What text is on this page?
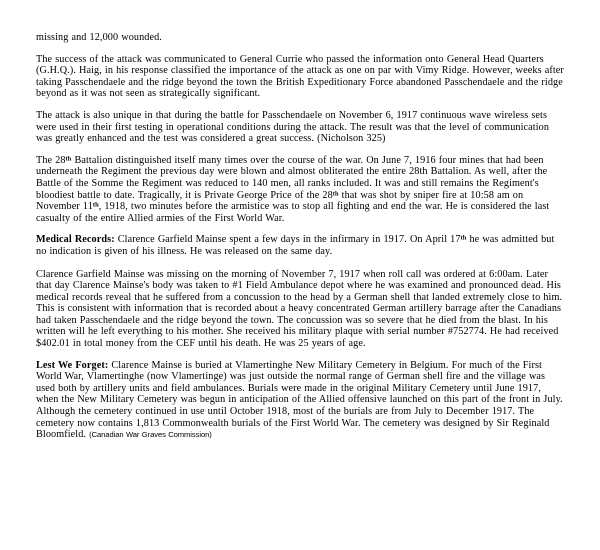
missing and 12,000 wounded.

The success of the attack was communicated to General Currie who passed the information onto General Head Quarters (G.H.Q.). Haig, in his response classified the importance of the attack as one on par with Vimy Ridge. However, weeks after taking Passchendaele and the ridge beyond the town the British Expeditionary Force abandoned Passchendaele and the ridge beyond as it was not seen as strategically significant.

The attack is also unique in that during the battle for Passchendaele on November 6, 1917 continuous wave wireless sets were used in their first testing in operational conditions during the attack. The result was that the level of communication was greatly enhanced and the test was considered a great success. (Nicholson 325)

The 28th Battalion distinguished itself many times over the course of the war. On June 7, 1916 four mines that had been underneath the Regiment the previous day were blown and almost obliterated the entire 28th Battalion. As well, after the Battle of the Somme the Regiment was reduced to 140 men, all ranks included. It was and still remains the Regiment's bloodiest battle to date. Tragically, it is Private George Price of the 28th that was shot by sniper fire at 10:58 am on November 11th, 1918, two minutes before the armistice was to stop all fighting and end the war. He is considered the last casualty of the entire Allied armies of the First World War.

Medical Records: Clarence Garfield Mainse spent a few days in the infirmary in 1917. On April 17th he was admitted but no indication is given of his illness. He was released on the same day.

Clarence Garfield Mainse was missing on the morning of November 7, 1917 when roll call was ordered at 6:00am. Later that day Clarence Mainse's body was taken to #1 Field Ambulance depot where he was examined and pronounced dead. His medical records reveal that he suffered from a concussion to the head by a German shell that landed extremely close to him. This is consistent with information that is recorded about a heavy concentrated German artillery barrage after the Canadians had taken Passchendaele and the ridge beyond the town. The concussion was so severe that he died from the blast. In his written will he left everything to his mother. She received his military plaque with serial number #752774. He had received $402.01 in total money from the CEF until his death. He was 25 years of age.

Lest We Forget: Clarence Mainse is buried at Vlamertinghe New Military Cemetery in Belgium. For much of the First World War, Vlamertinghe (now Vlamertinge) was just outside the normal range of German shell fire and the village was used both by artillery units and field ambulances. Burials were made in the original Military Cemetery until June 1917, when the New Military Cemetery was begun in anticipation of the Allied offensive launched on this part of the front in July. Although the cemetery continued in use until October 1918, most of the burials are from July to December 1917. The cemetery now contains 1,813 Commonwealth burials of the First World War. The cemetery was designed by Sir Reginald Bloomfield. (Canadian War Graves Commission)
